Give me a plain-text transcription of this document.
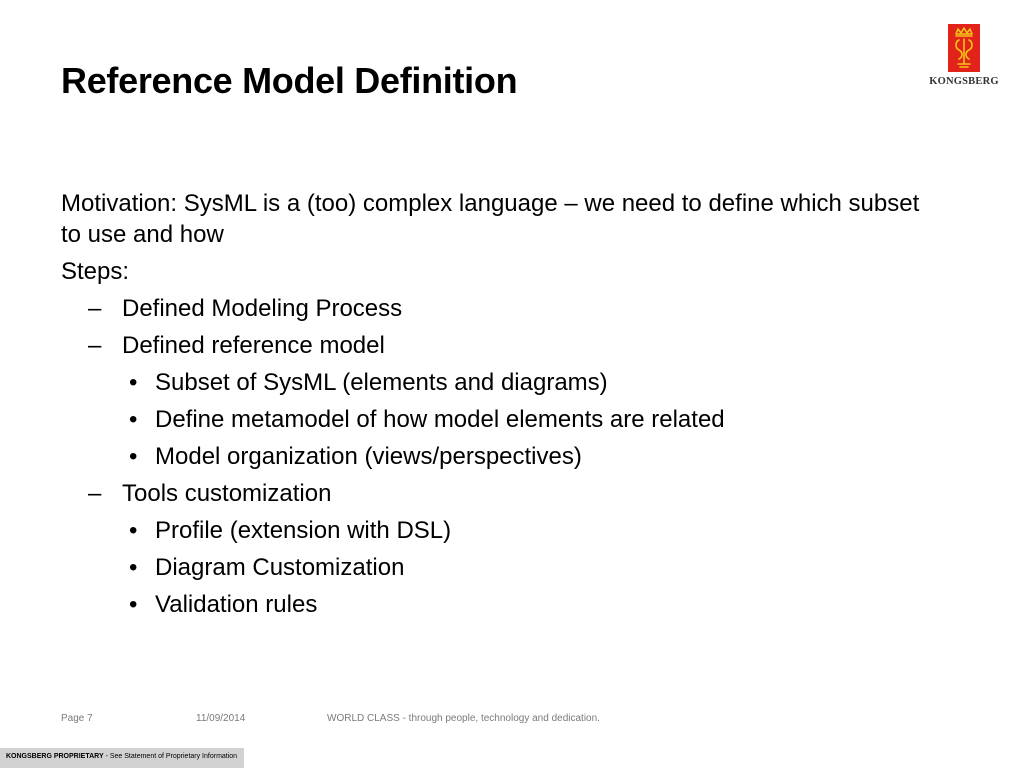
Reference Model Definition	KONGSBERG

Motivation: SysML is a (too) complex language – we need to define which subset to use and how

Steps:

– Defined Modeling Process
– Defined reference model
• Subset of SysML (elements and diagrams)
• Define metamodel of how model elements are related
• Model organization (views/perspectives)
– Tools customization
• Profile (extension with DSL)
• Diagram Customization
• Validation rules
Page 7	11/09/2014	WORLD CLASS - through people, technology and dedication.
KONGSBERG PROPRIETARY - See Statement of Proprietary Information
